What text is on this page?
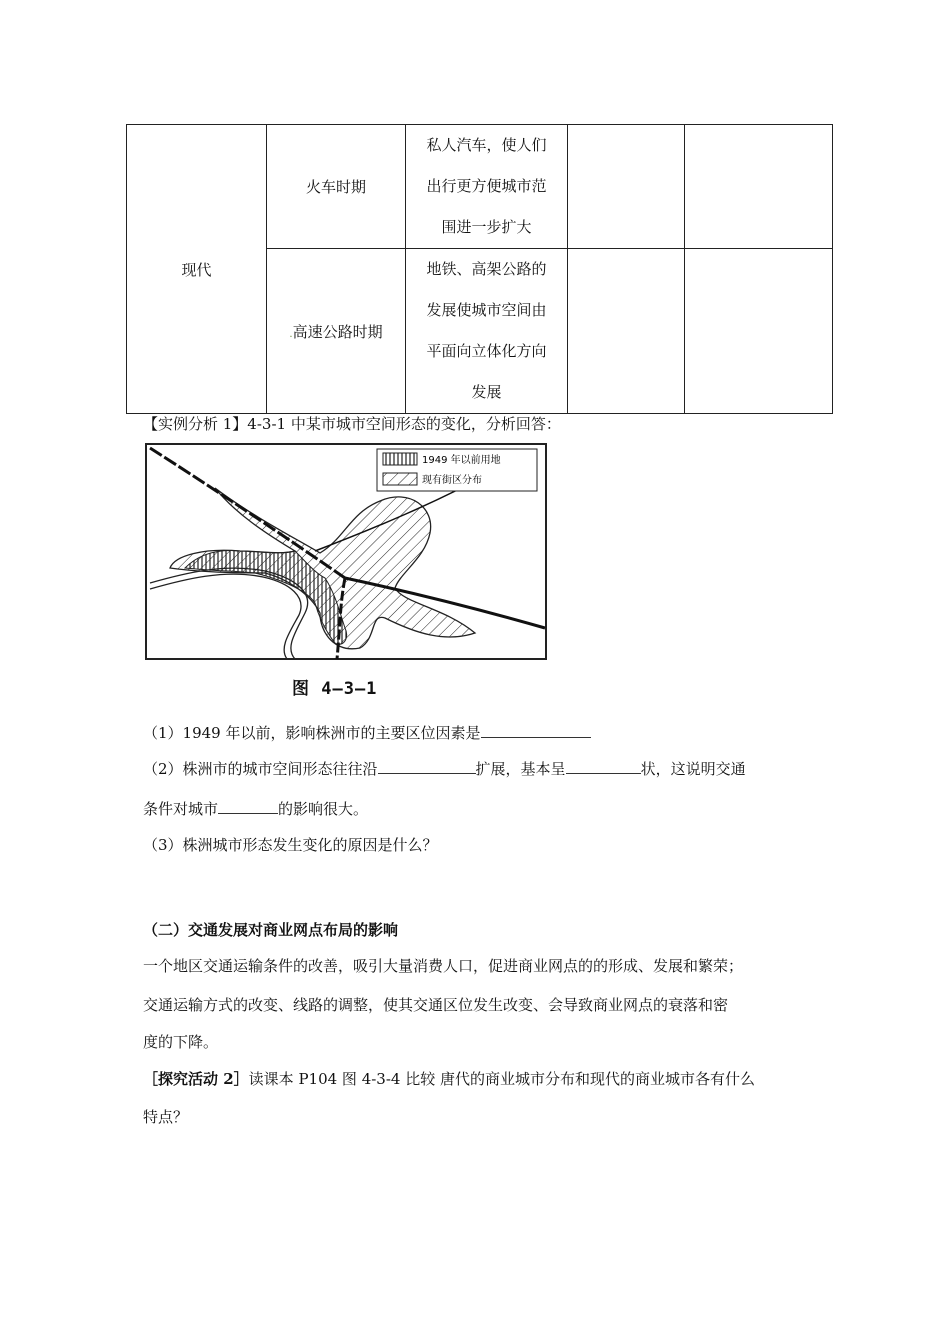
现代	火车时期	私人汽车，使人们
出行更方便城市范
围进一步扩大		

	.高速公路时期	地铁、高架公路的
发展使城市空间由
平面向立体化方向
发展		

【实例分析 1】4-3-1 中某市城市空间形态的变化，分析回答：
1949 年以前用地
现有街区分布
图 4—3—1
（1）1949 年以前，影响株洲市的主要区位因素是
（2）株洲市的城市空间形态往往沿	扩展，基本呈	状，这说明交通
条件对城市	的影响很大。
（3）株洲城市形态发生变化的原因是什么？
（二）交通发展对商业网点布局的影响
一个地区交通运输条件的改善，吸引大量消费人口，促进商业网点的的形成、发展和繁荣；
交通运输方式的改变、线路的调整，使其交通区位发生改变、会导致商业网点的衰落和密
度的下降。
［探究活动 2］读课本 P104 图 4-3-4 比较 唐代的商业城市分布和现代的商业城市各有什么
特点？
